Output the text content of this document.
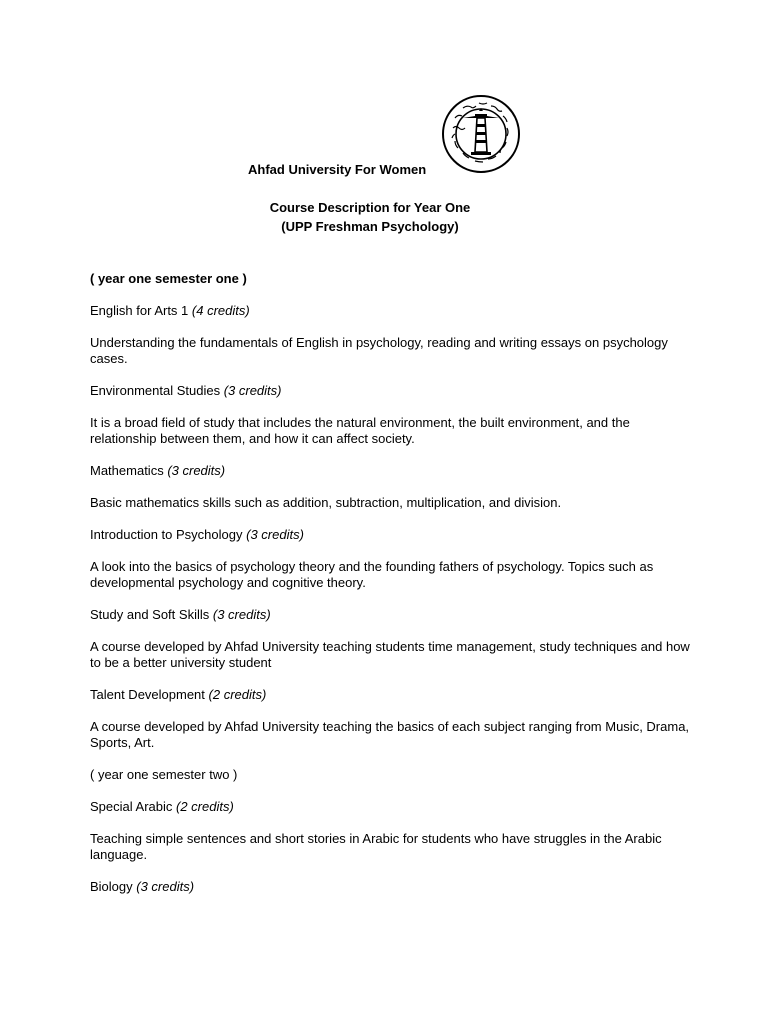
Ahfad University For Women
Course Description for Year One
(UPP Freshman Psychology)
( year one semester one )
English for Arts 1 (4 credits)
Understanding the fundamentals of English in psychology, reading and writing essays on psychology cases.
Environmental Studies (3 credits)
It is a broad field of study that includes the natural environment, the built environment, and the relationship between them, and how it can affect society.
Mathematics (3 credits)
Basic mathematics skills such as addition, subtraction, multiplication, and division.
Introduction to Psychology (3 credits)
A look into the basics of psychology theory and the founding fathers of psychology. Topics such as developmental psychology and cognitive theory.
Study and Soft Skills (3 credits)
A course developed by Ahfad University teaching students time management, study techniques and how to be a better university student
Talent Development (2 credits)
A course developed by Ahfad University teaching the basics of each subject ranging from Music, Drama, Sports, Art.
( year one semester two )
Special Arabic (2 credits)
Teaching simple sentences and short stories in Arabic for students who have struggles in the Arabic language.
Biology (3 credits)
